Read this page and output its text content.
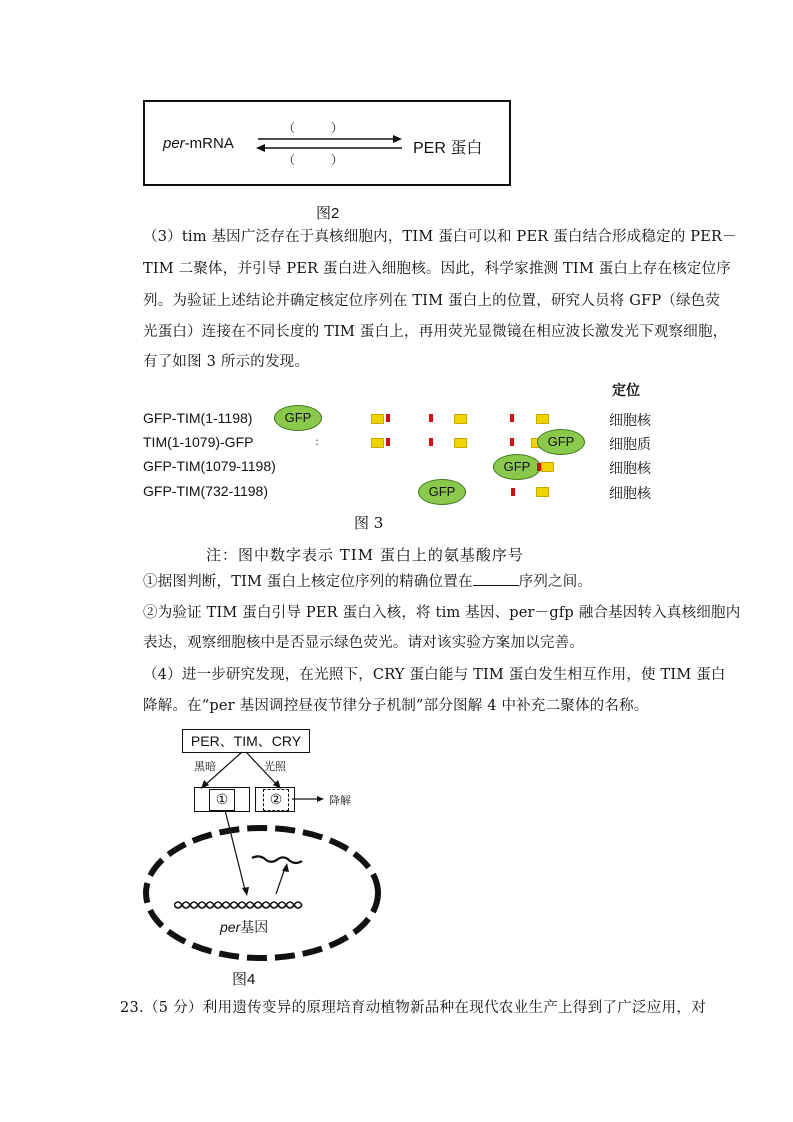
per-mRNA
（　　）
（　　）
PER 蛋白
图2
（3）tim 基因广泛存在于真核细胞内，TIM 蛋白可以和 PER 蛋白结合形成稳定的 PER－
TIM 二聚体，并引导 PER 蛋白进入细胞核。因此，科学家推测 TIM 蛋白上存在核定位序
列。为验证上述结论并确定核定位序列在 TIM 蛋白上的位置，研究人员将 GFP（绿色荧
光蛋白）连接在不同长度的 TIM 蛋白上，再用荧光显微镜在相应波长激发光下观察细胞，
有了如图 3 所示的发现。
定位
GFP-TIM(1-1198)	GFP	细胞核
TIM(1-1079)-GFP	:	GFP	细胞质
GFP-TIM(1079-1198)	GFP	细胞核
GFP-TIM(732-1198)	GFP	细胞核
图 3
注：图中数字表示 TIM 蛋白上的氨基酸序号
①据图判断，TIM 蛋白上核定位序列的精确位置在	序列之间。
②为验证 TIM 蛋白引导 PER 蛋白入核，将 tim 基因、per－gfp 融合基因转入真核细胞内
表达，观察细胞核中是否显示绿色荧光。请对该实验方案加以完善。
（4）进一步研究发现，在光照下，CRY 蛋白能与 TIM 蛋白发生相互作用，使 TIM 蛋白
降解。在“per 基因调控昼夜节律分子机制”部分图解 4 中补充二聚体的名称。
PER、TIM、CRY
黑暗	光照
①	②	降解
per基因
图4
23.（5 分）利用遗传变异的原理培育动植物新品种在现代农业生产上得到了广泛应用，对
